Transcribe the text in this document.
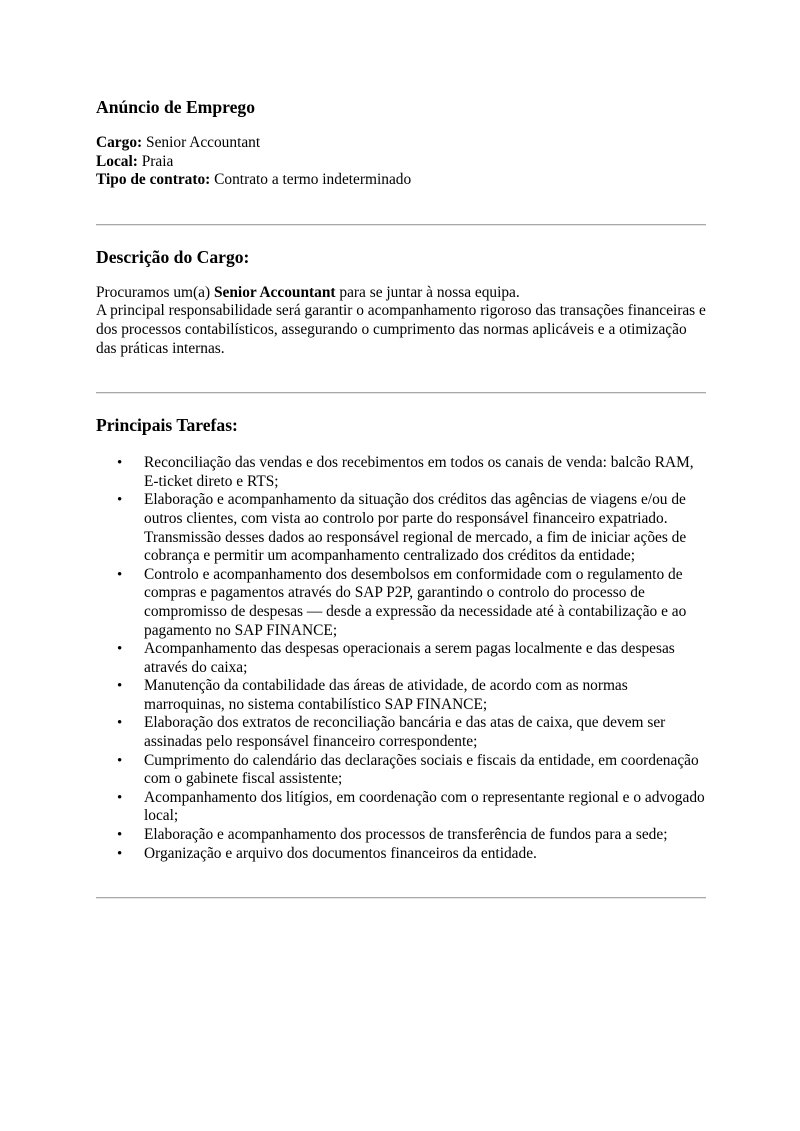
Anúncio de Emprego
Cargo: Senior Accountant
Local: Praia
Tipo de contrato: Contrato a termo indeterminado
Descrição do Cargo:
Procuramos um(a) Senior Accountant para se juntar à nossa equipa.
A principal responsabilidade será garantir o acompanhamento rigoroso das transações financeiras e dos processos contabilísticos, assegurando o cumprimento das normas aplicáveis e a otimização das práticas internas.
Principais Tarefas:
• Reconciliação das vendas e dos recebimentos em todos os canais de venda: balcão RAM, E-ticket direto e RTS;
• Elaboração e acompanhamento da situação dos créditos das agências de viagens e/ou de outros clientes, com vista ao controlo por parte do responsável financeiro expatriado. Transmissão desses dados ao responsável regional de mercado, a fim de iniciar ações de cobrança e permitir um acompanhamento centralizado dos créditos da entidade;
• Controlo e acompanhamento dos desembolsos em conformidade com o regulamento de compras e pagamentos através do SAP P2P, garantindo o controlo do processo de compromisso de despesas — desde a expressão da necessidade até à contabilização e ao pagamento no SAP FINANCE;
• Acompanhamento das despesas operacionais a serem pagas localmente e das despesas através do caixa;
• Manutenção da contabilidade das áreas de atividade, de acordo com as normas marroquinas, no sistema contabilístico SAP FINANCE;
• Elaboração dos extratos de reconciliação bancária e das atas de caixa, que devem ser assinadas pelo responsável financeiro correspondente;
• Cumprimento do calendário das declarações sociais e fiscais da entidade, em coordenação com o gabinete fiscal assistente;
• Acompanhamento dos litígios, em coordenação com o representante regional e o advogado local;
• Elaboração e acompanhamento dos processos de transferência de fundos para a sede;
• Organização e arquivo dos documentos financeiros da entidade.
